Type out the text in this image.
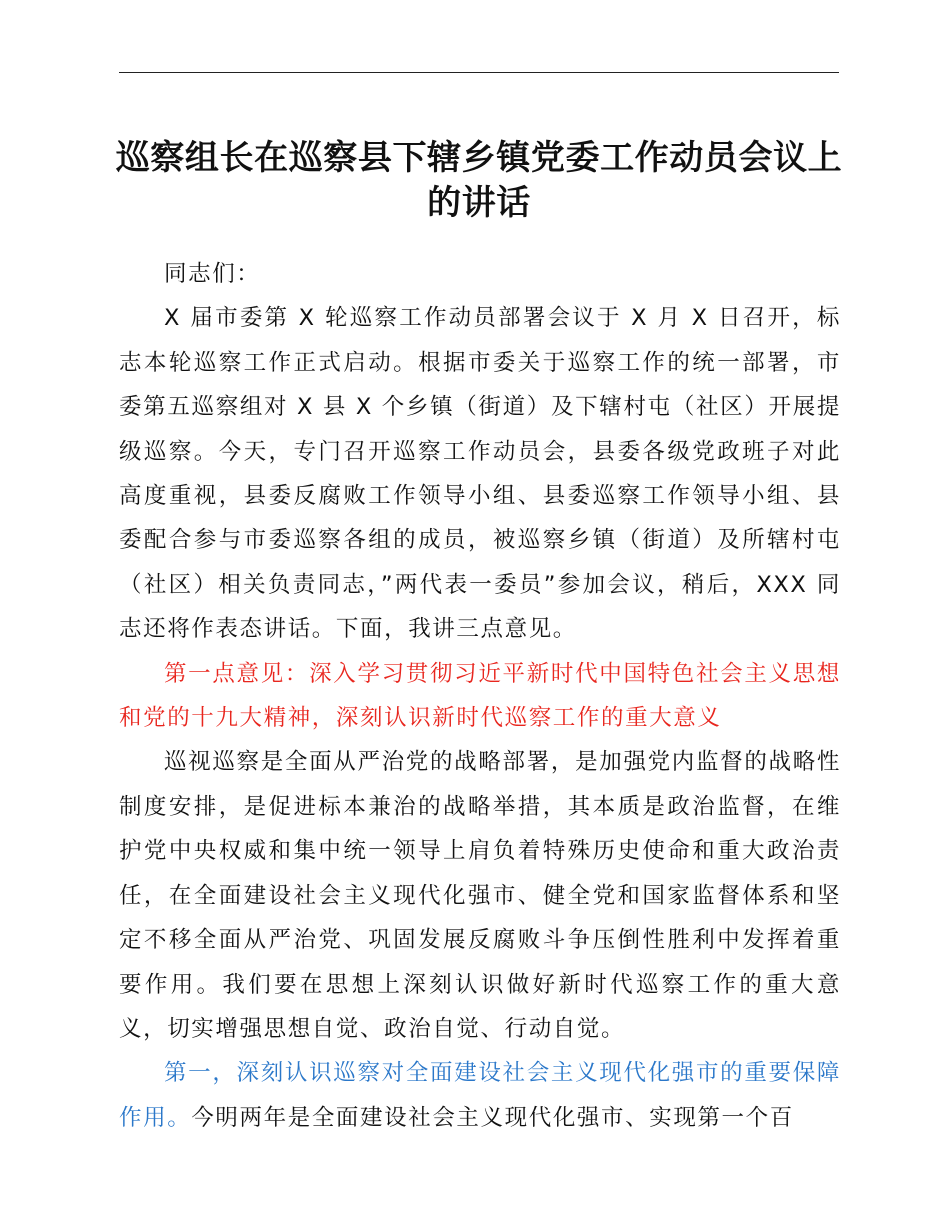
巡察组长在巡察县下辖乡镇党委工作动员会议上的讲话

同志们：

X 届市委第 X 轮巡察工作动员部署会议于 X 月 X 日召开，标志本轮巡察工作正式启动。根据市委关于巡察工作的统一部署，市委第五巡察组对 X 县 X 个乡镇（街道）及下辖村屯（社区）开展提级巡察。今天，专门召开巡察工作动员会，县委各级党政班子对此高度重视，县委反腐败工作领导小组、县委巡察工作领导小组、县委配合参与市委巡察各组的成员，被巡察乡镇（街道）及所辖村屯（社区）相关负责同志，”两代表一委员”参加会议，稍后，XXX 同志还将作表态讲话。下面，我讲三点意见。

第一点意见：深入学习贯彻习近平新时代中国特色社会主义思想和党的十九大精神，深刻认识新时代巡察工作的重大意义

巡视巡察是全面从严治党的战略部署，是加强党内监督的战略性制度安排，是促进标本兼治的战略举措，其本质是政治监督，在维护党中央权威和集中统一领导上肩负着特殊历史使命和重大政治责任，在全面建设社会主义现代化强市、健全党和国家监督体系和坚定不移全面从严治党、巩固发展反腐败斗争压倒性胜利中发挥着重要作用。我们要在思想上深刻认识做好新时代巡察工作的重大意义，切实增强思想自觉、政治自觉、行动自觉。

第一，深刻认识巡察对全面建设社会主义现代化强市的重要保障作用。今明两年是全面建设社会主义现代化强市、实现第一个百
